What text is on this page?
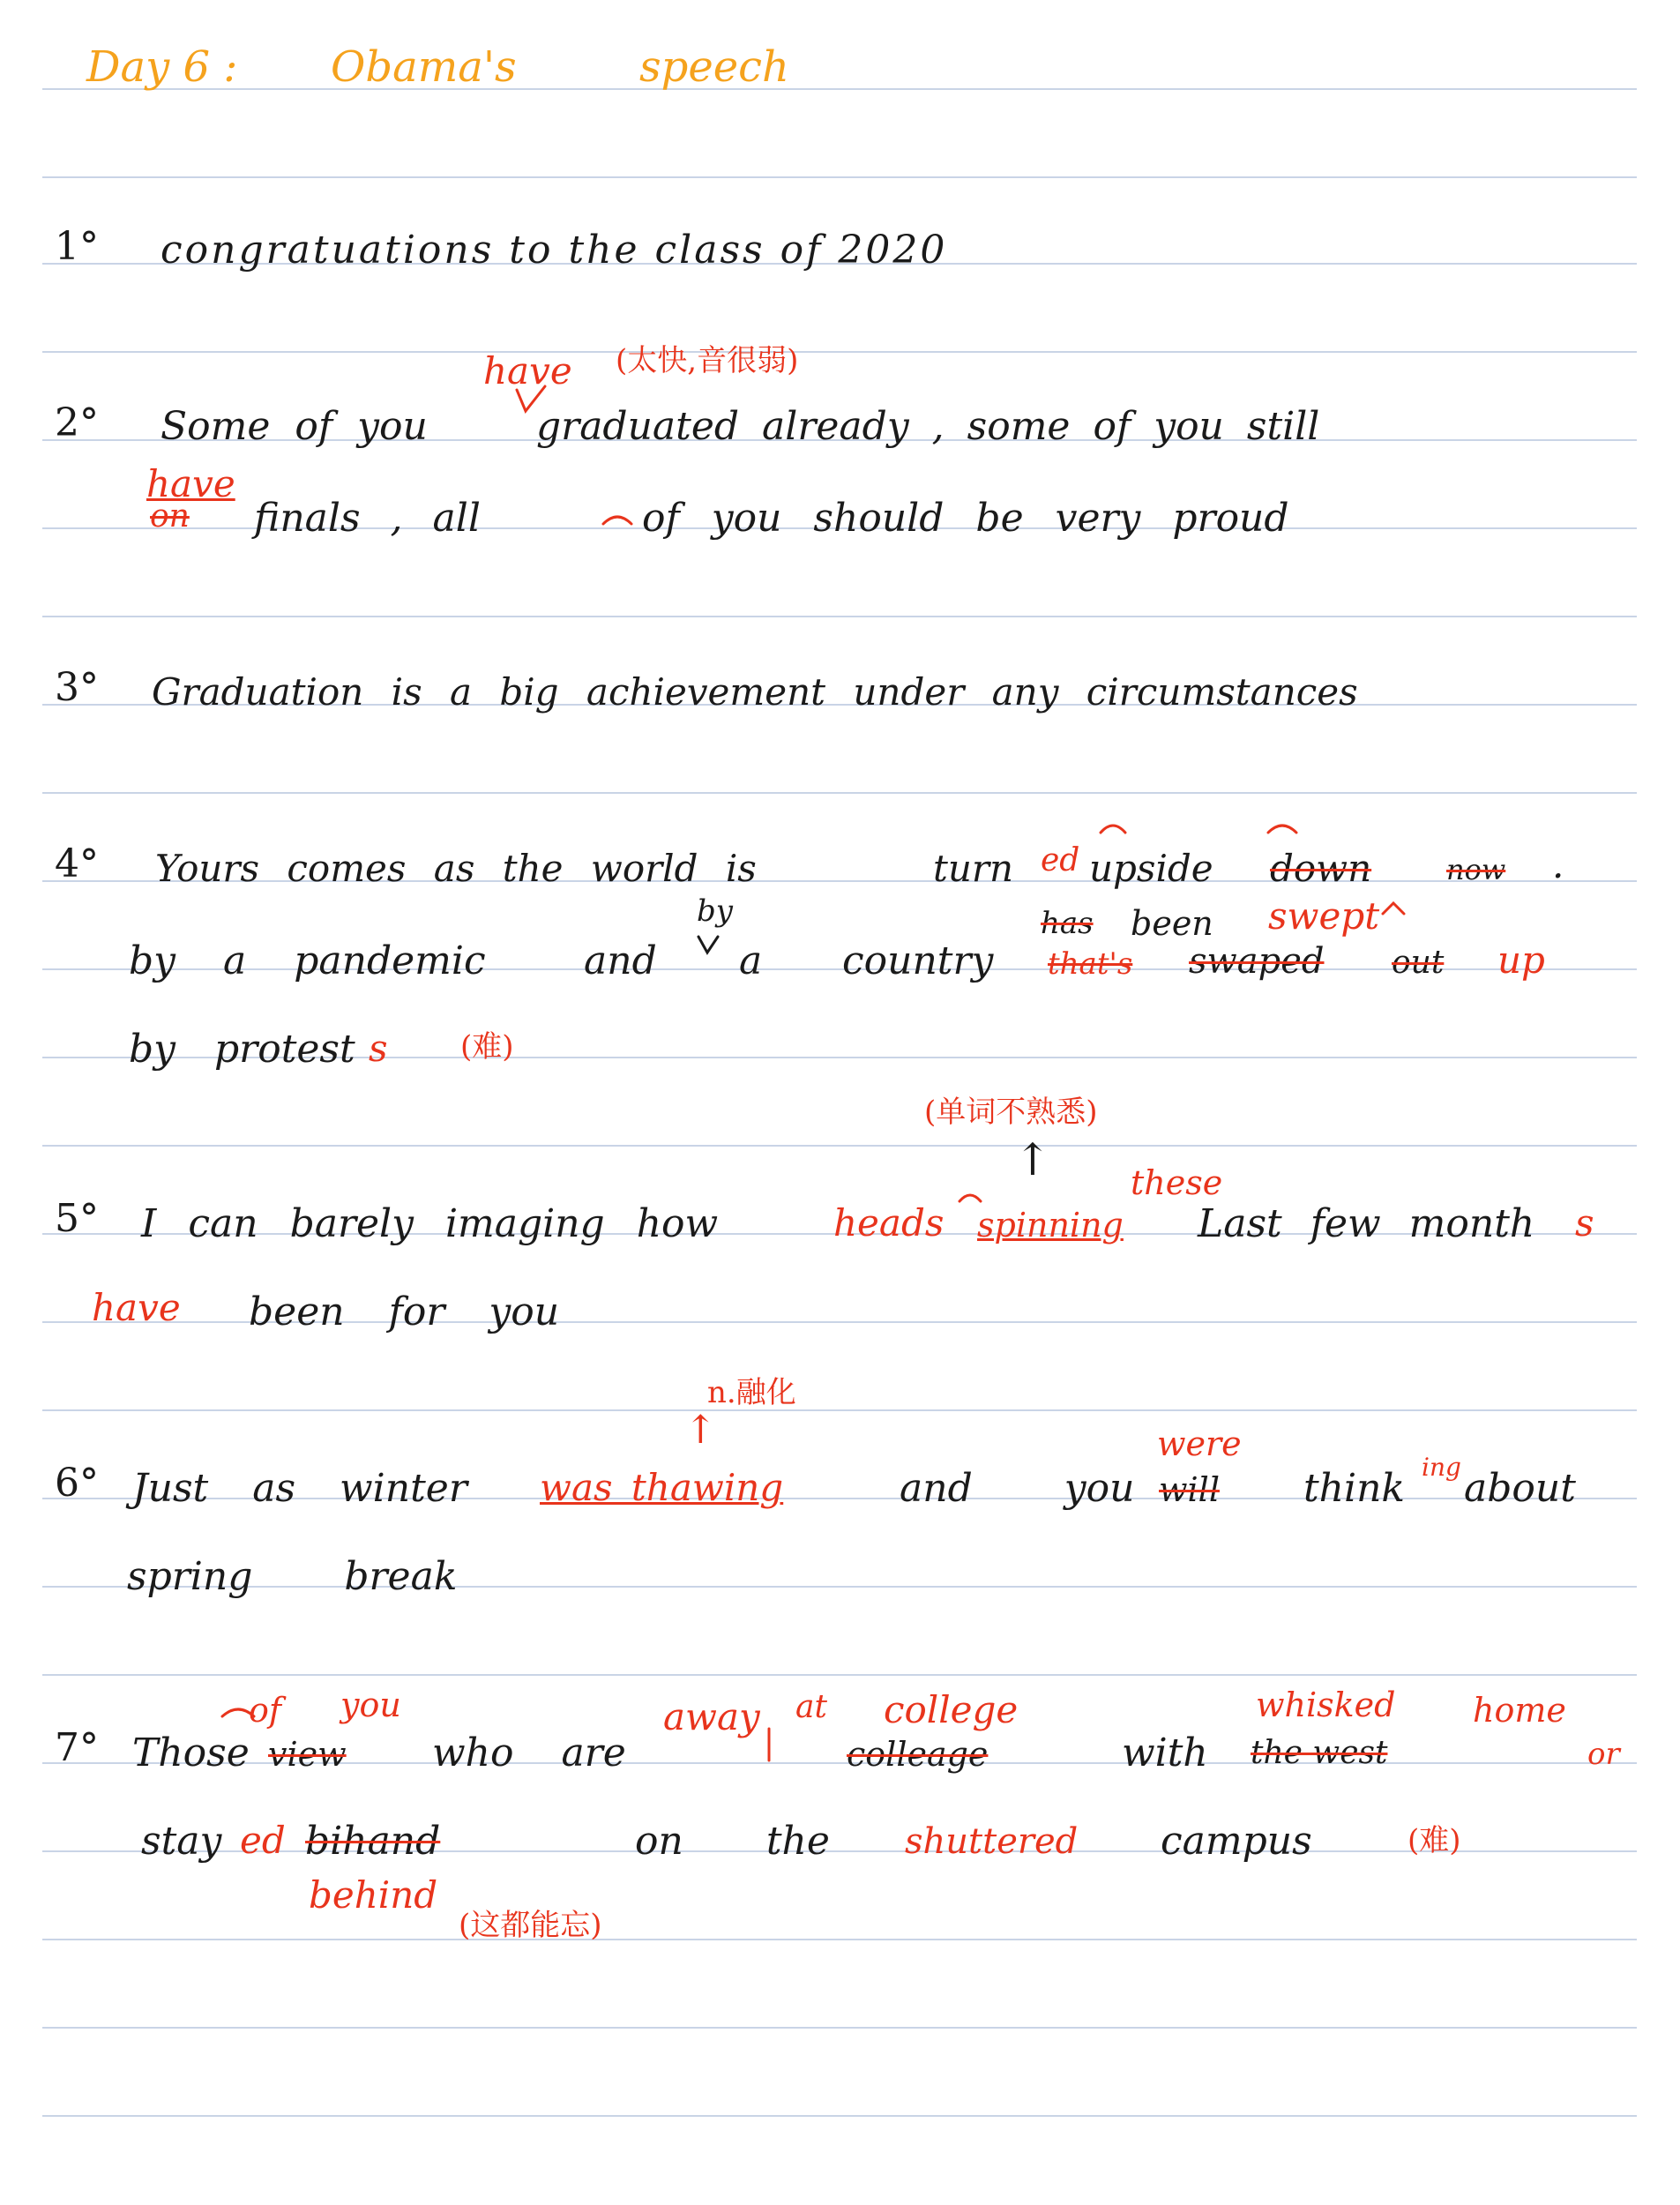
Day 6 : Obama's	speech
1° congratuations to the class of 2020
have (太快,音很弱)
2° Some of you	graduated already , some of you still
have
on finals , all	of you should be very proud
3° Graduation is a big achievement under any circumstances
4° Yours comes as the world is	turn ed upside down	now .
by	has been swept
by a pandemic	and a country that's swaped out up
by protest s (难)
(单词不熟悉)
↑ these
5° I can barely imaging how	heads spinning Last few month s
have been for you
n.融化
↑	were
6° Just as winter was thawing	and you will think ing about
spring break
of you	away at college	whisked home
7° Those view who are	colleage	with the west	or
stay ed bihand	on the shuttered campus	(难)
behind
(这都能忘)
